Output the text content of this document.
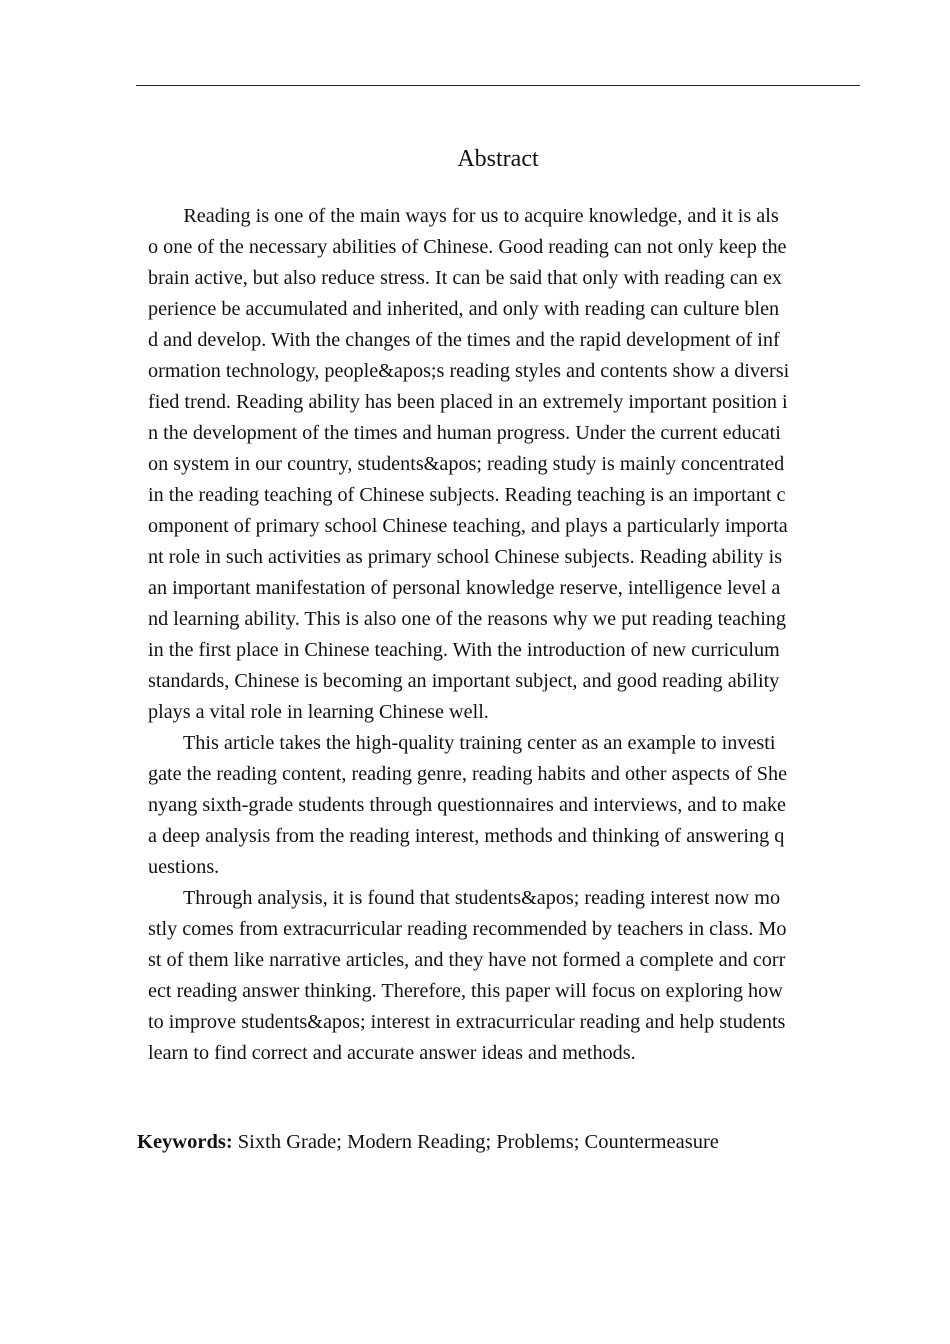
Abstract
Reading is one of the main ways for us to acquire knowledge, and it is als
o one of the necessary abilities of Chinese. Good reading can not only keep the
brain active, but also reduce stress. It can be said that only with reading can ex
perience be accumulated and inherited, and only with reading can culture blen
d and develop. With the changes of the times and the rapid development of inf
ormation technology, people&apos;s reading styles and contents show a diversi
fied trend. Reading ability has been placed in an extremely important position i
n the development of the times and human progress. Under the current educati
on system in our country, students&apos; reading study is mainly concentrated
in the reading teaching of Chinese subjects. Reading teaching is an important c
omponent of primary school Chinese teaching, and plays a particularly importa
nt role in such activities as primary school Chinese subjects. Reading ability is
an important manifestation of personal knowledge reserve, intelligence level a
nd learning ability. This is also one of the reasons why we put reading teaching
in the first place in Chinese teaching. With the introduction of new curriculum
standards, Chinese is becoming an important subject, and good reading ability
plays a vital role in learning Chinese well.
This article takes the high-quality training center as an example to investi
gate the reading content, reading genre, reading habits and other aspects of She
nyang sixth-grade students through questionnaires and interviews, and to make
a deep analysis from the reading interest, methods and thinking of answering q
uestions.
Through analysis, it is found that students&apos; reading interest now mo
stly comes from extracurricular reading recommended by teachers in class. Mo
st of them like narrative articles, and they have not formed a complete and corr
ect reading answer thinking. Therefore, this paper will focus on exploring how
to improve students&apos; interest in extracurricular reading and help students
learn to find correct and accurate answer ideas and methods.
Keywords: Sixth Grade; Modern Reading; Problems; Countermeasure
